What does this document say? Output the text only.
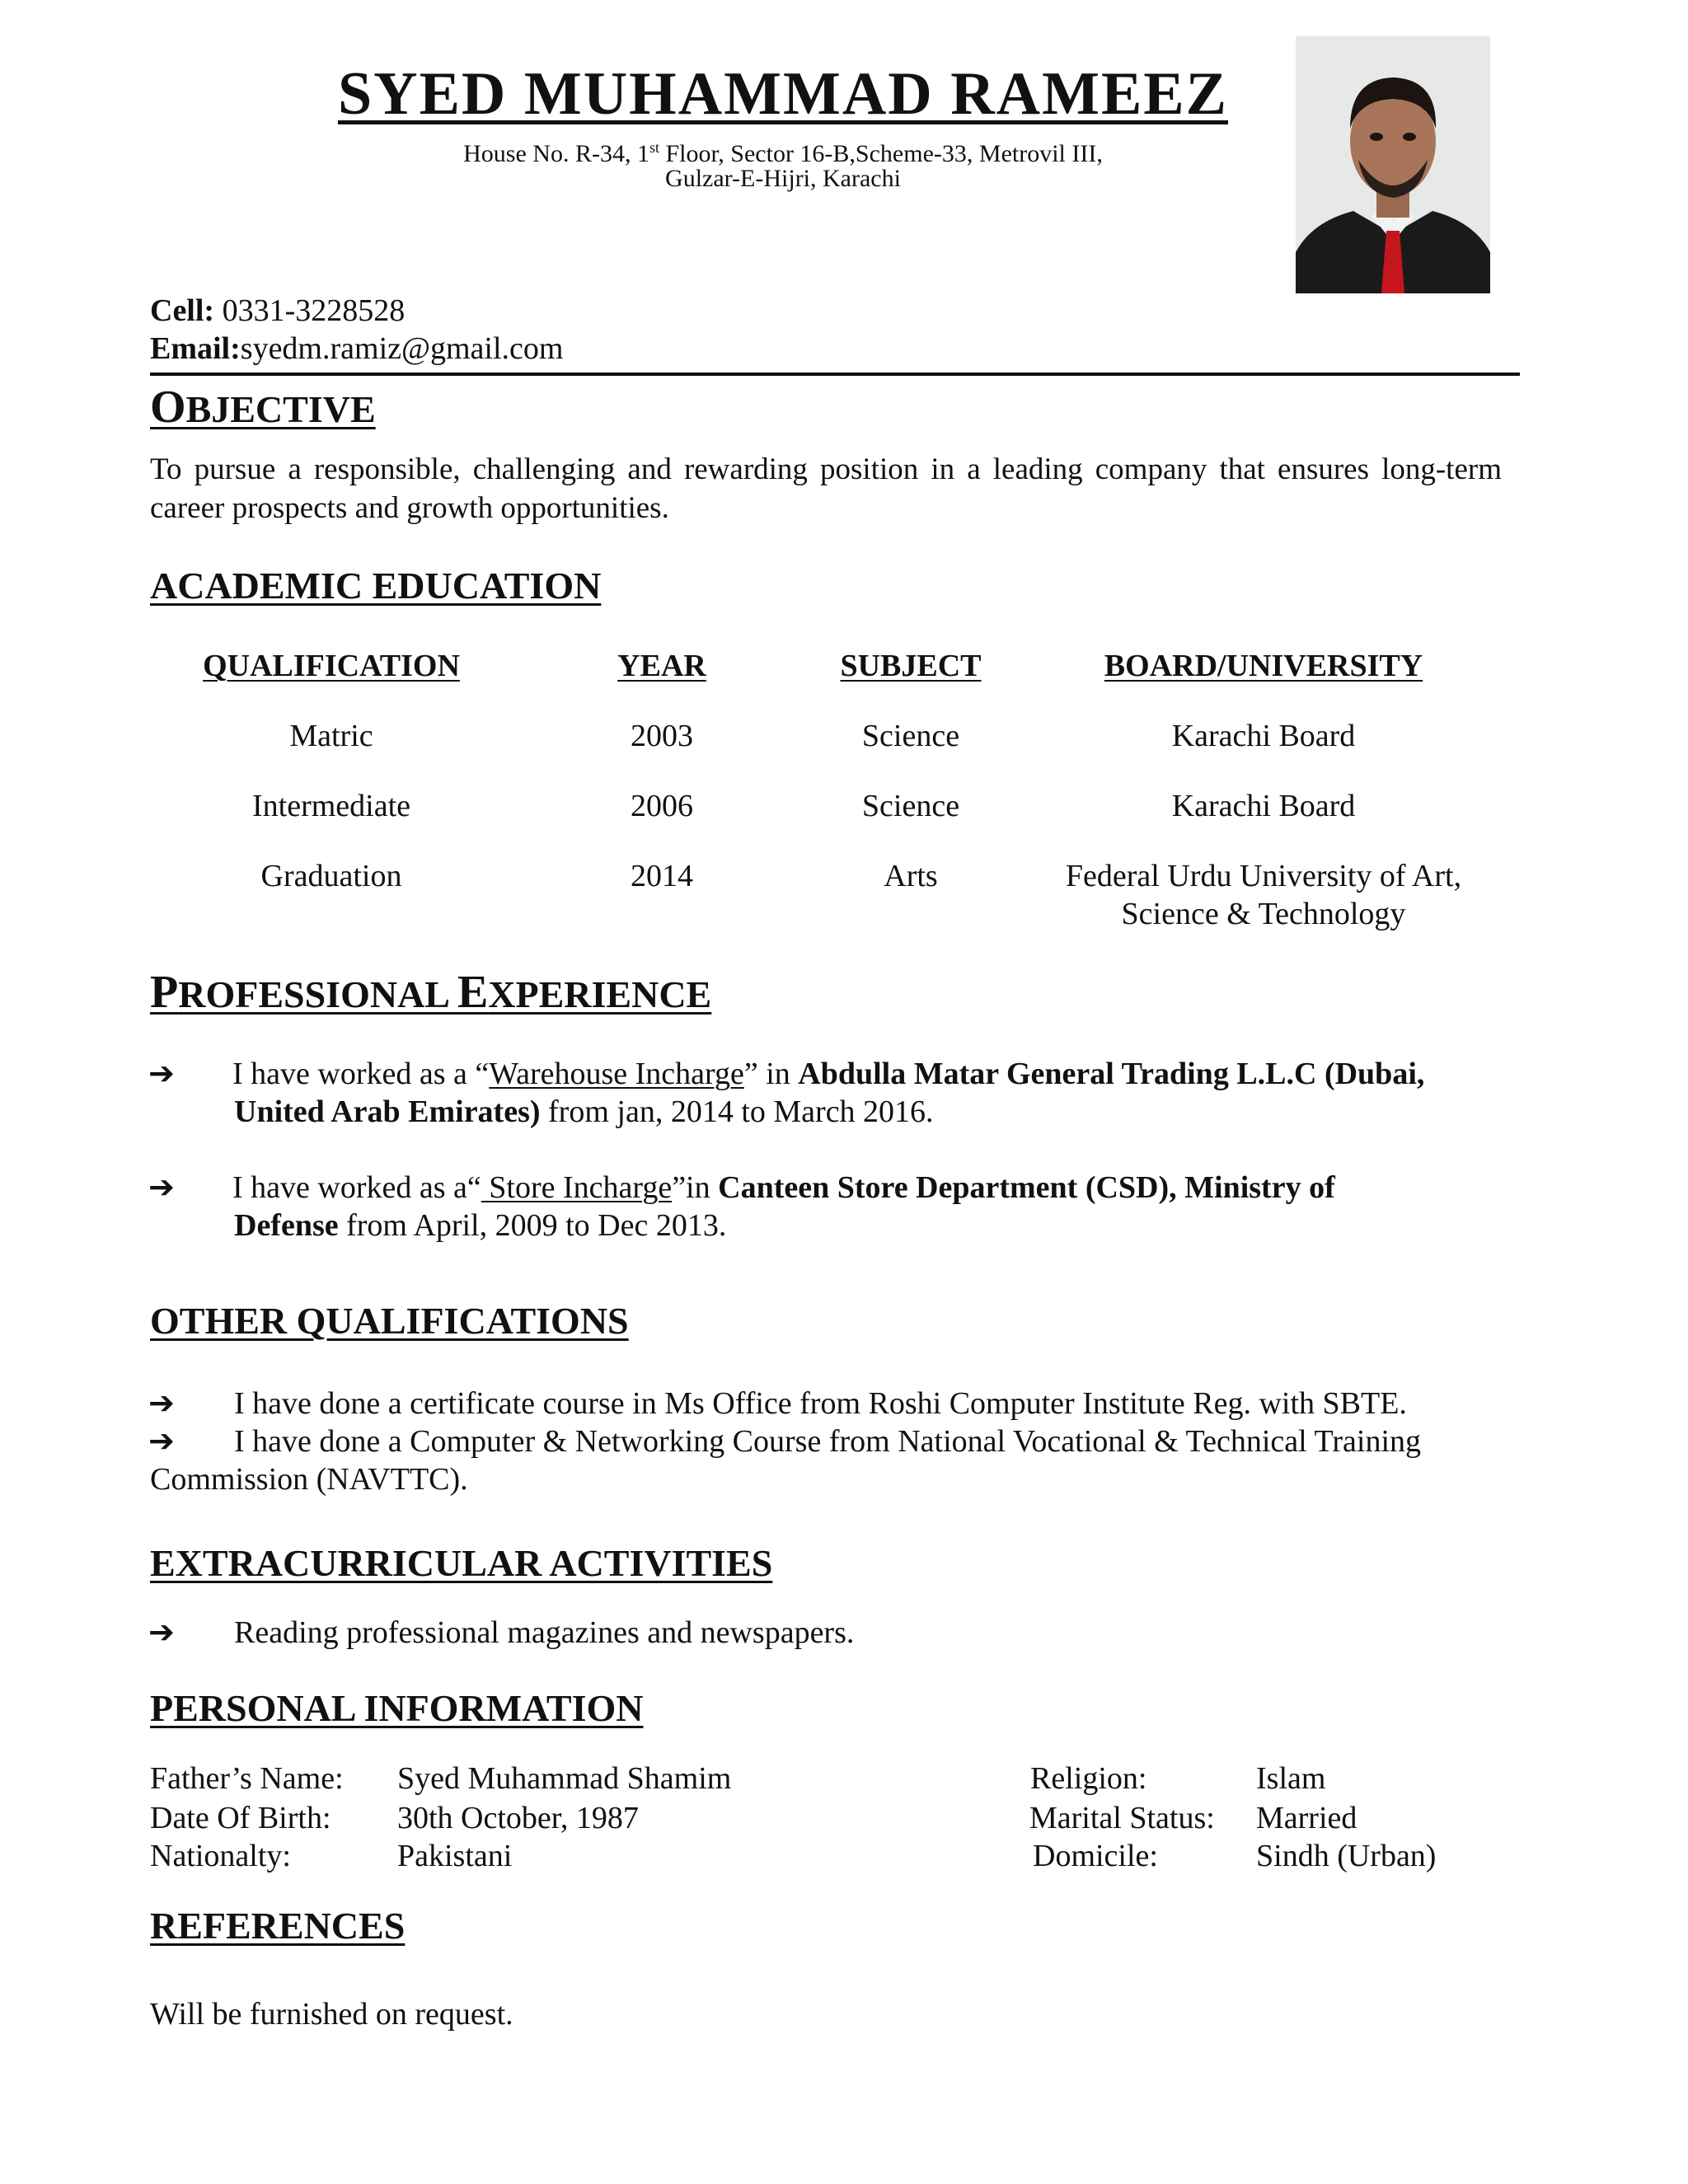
SYED MUHAMMAD RAMEEZ
House No. R-34, 1st Floor, Sector 16-B,Scheme-33, Metrovil III,
Gulzar-E-Hijri, Karachi
Cell: 0331-3228528
Email:syedm.ramiz@gmail.com
OBJECTIVE
To pursue a responsible, challenging and rewarding position in a leading company that ensures long-term career prospects and growth opportunities.
ACADEMIC EDUCATION
QUALIFICATION	YEAR	SUBJECT	BOARD/UNIVERSITY
Matric	2003	Science	Karachi Board
Intermediate	2006	Science	Karachi Board
Graduation	2014	Arts	Federal Urdu University of Art,
Science & Technology
PROFESSIONAL EXPERIENCE
➔ I have worked as a “Warehouse Incharge” in Abdulla Matar General Trading L.L.C (Dubai,
United Arab Emirates) from jan, 2014 to March 2016.
➔ I have worked as a“ Store Incharge”in Canteen Store Department (CSD), Ministry of
Defense from April, 2009 to Dec 2013.
OTHER QUALIFICATIONS
➔ I have done a certificate course in Ms Office from Roshi Computer Institute Reg. with SBTE.
➔ I have done a Computer & Networking Course from National Vocational & Technical Training
Commission (NAVTTC).
EXTRACURRICULAR ACTIVITIES
➔ Reading professional magazines and newspapers.
PERSONAL INFORMATION
Father’s Name: Syed Muhammad Shamim	Religion:	Islam
Date Of Birth: 30th October, 1987	Marital Status: Married
Nationalty:	Pakistani	Domicile:	Sindh (Urban)
REFERENCES
Will be furnished on request.
